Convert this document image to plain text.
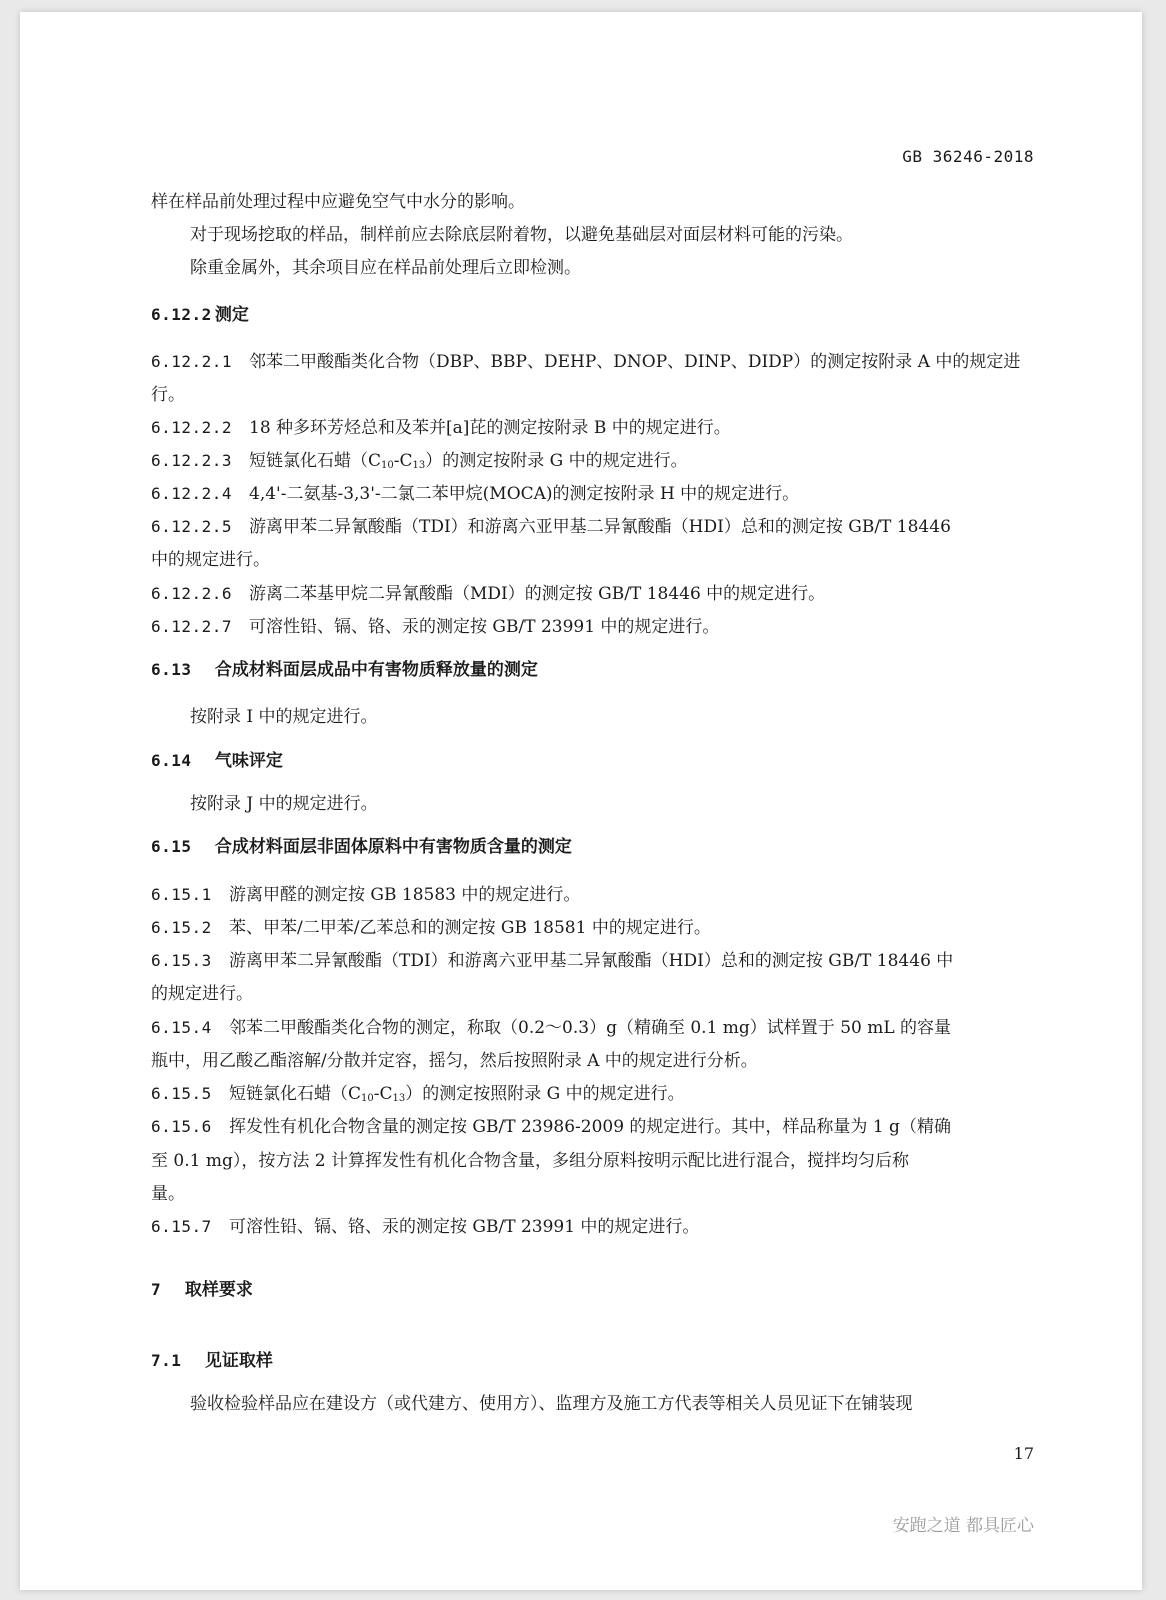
GB 36246-2018
样在样品前处理过程中应避免空气中水分的影响。
对于现场挖取的样品，制样前应去除底层附着物，以避免基础层对面层材料可能的污染。
除重金属外，其余项目应在样品前处理后立即检测。
6.12.2 测定
6.12.2.1 邻苯二甲酸酯类化合物（DBP、BBP、DEHP、DNOP、DINP、DIDP）的测定按附录 A 中的规定进
行。
6.12.2.2 18 种多环芳烃总和及苯并[a]芘的测定按附录 B 中的规定进行。
6.12.2.3 短链氯化石蜡$(C_{10}-C_{13})$的测定按附录 G 中的规定进行。
6.12.2.4 4,4'-二氨基-3,3'-二氯二苯甲烷(MOCA)的测定按附录 H 中的规定进行。
6.12.2.5 游离甲苯二异氰酸酯（TDI）和游离六亚甲基二异氰酸酯（HDI）总和的测定按 GB/T 18446
中的规定进行。
6.12.2.6 游离二苯基甲烷二异氰酸酯（MDI）的测定按 GB/T 18446 中的规定进行。
6.12.2.7 可溶性铅、镉、铬、汞的测定按 GB/T 23991 中的规定进行。
6.13 合成材料面层成品中有害物质释放量的测定
按附录 I 中的规定进行。
6.14 气味评定
按附录 J 中的规定进行。
6.15 合成材料面层非固体原料中有害物质含量的测定
6.15.1 游离甲醛的测定按 GB 18583 中的规定进行。
6.15.2 苯、甲苯/二甲苯/乙苯总和的测定按 GB 18581 中的规定进行。
6.15.3 游离甲苯二异氰酸酯（TDI）和游离六亚甲基二异氰酸酯（HDI）总和的测定按 GB/T 18446 中
的规定进行。
6.15.4 邻苯二甲酸酯类化合物的测定，称取（0.2～0.3）g（精确至 0.1 mg）试样置于 50 mL 的容量
瓶中，用乙酸乙酯溶解/分散并定容，摇匀，然后按照附录 A 中的规定进行分析。
6.15.5 短链氯化石蜡$(C_{10}-C_{13})$的测定按照附录 G 中的规定进行。
6.15.6 挥发性有机化合物含量的测定按 GB/T 23986-2009 的规定进行。其中，样品称量为 1 g（精确
至 0.1 mg），按方法 2 计算挥发性有机化合物含量，多组分原料按明示配比进行混合，搅拌均匀后称
量。
6.15.7 可溶性铅、镉、铬、汞的测定按 GB/T 23991 中的规定进行。
7 取样要求
7.1 见证取样
验收检验样品应在建设方（或代建方、使用方）、监理方及施工方代表等相关人员见证下在铺装现
17
安跑之道 都具匠心
